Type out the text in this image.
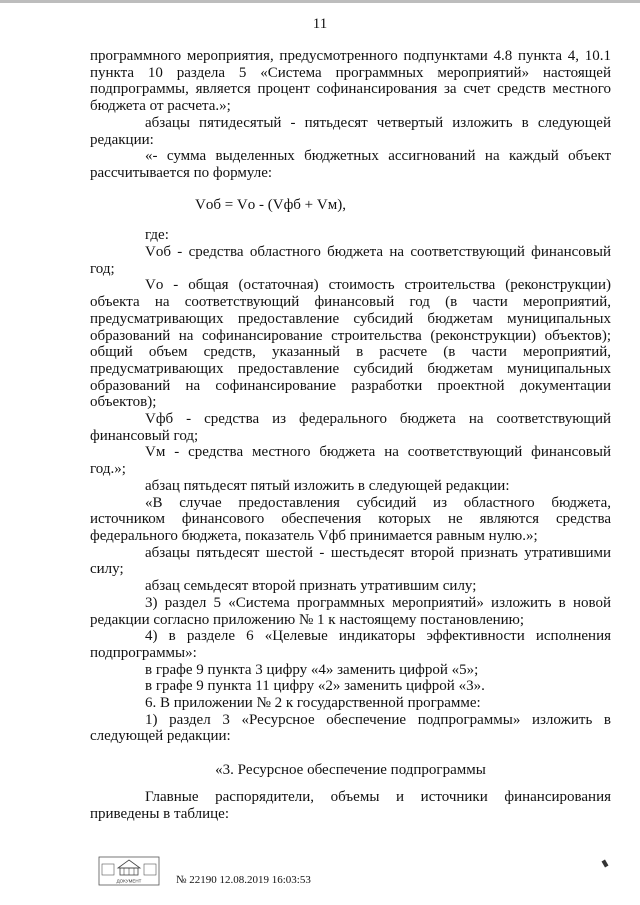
11

программного мероприятия, предусмотренного подпунктами 4.8 пункта 4, 10.1 пункта 10 раздела 5 «Система программных мероприятий» настоящей подпрограммы, является процент софинансирования за счет средств местного бюджета от расчета.»;

абзацы пятидесятый - пятьдесят четвертый изложить в следующей редакции:

«- сумма выделенных бюджетных ассигнований на каждый объект рассчитывается по формуле:

Vоб = Vо - (Vфб + Vм),

где:

Vоб - средства областного бюджета на соответствующий финансовый год;

Vо - общая (остаточная) стоимость строительства (реконструкции) объекта на соответствующий финансовый год (в части мероприятий, предусматривающих предоставление субсидий бюджетам муниципальных образований на софинансирование строительства (реконструкции) объектов); общий объем средств, указанный в расчете (в части мероприятий, предусматривающих предоставление субсидий бюджетам муниципальных образований на софинансирование разработки проектной документации объектов);

Vфб - средства из федерального бюджета на соответствующий финансовый год;

Vм - средства местного бюджета на соответствующий финансовый год.»;

абзац пятьдесят пятый изложить в следующей редакции:

«В случае предоставления субсидий из областного бюджета, источником финансового обеспечения которых не являются средства федерального бюджета, показатель Vфб принимается равным нулю.»;

абзацы пятьдесят шестой - шестьдесят второй признать утратившими силу;

абзац семьдесят второй признать утратившим силу;

3) раздел 5 «Система программных мероприятий» изложить в новой редакции согласно приложению № 1 к настоящему постановлению;

4) в разделе 6 «Целевые индикаторы эффективности исполнения подпрограммы»:

в графе 9 пункта 3 цифру «4» заменить цифрой «5»;

в графе 9 пункта 11 цифру «2» заменить цифрой «3».

6. В приложении № 2 к государственной программе:

1) раздел 3 «Ресурсное обеспечение подпрограммы» изложить в следующей редакции:

«3. Ресурсное обеспечение подпрограммы

Главные распорядители, объемы и источники финансирования приведены в таблице:

ДОКУМЕНТ	№ 22190 12.08.2019 16:03:53
